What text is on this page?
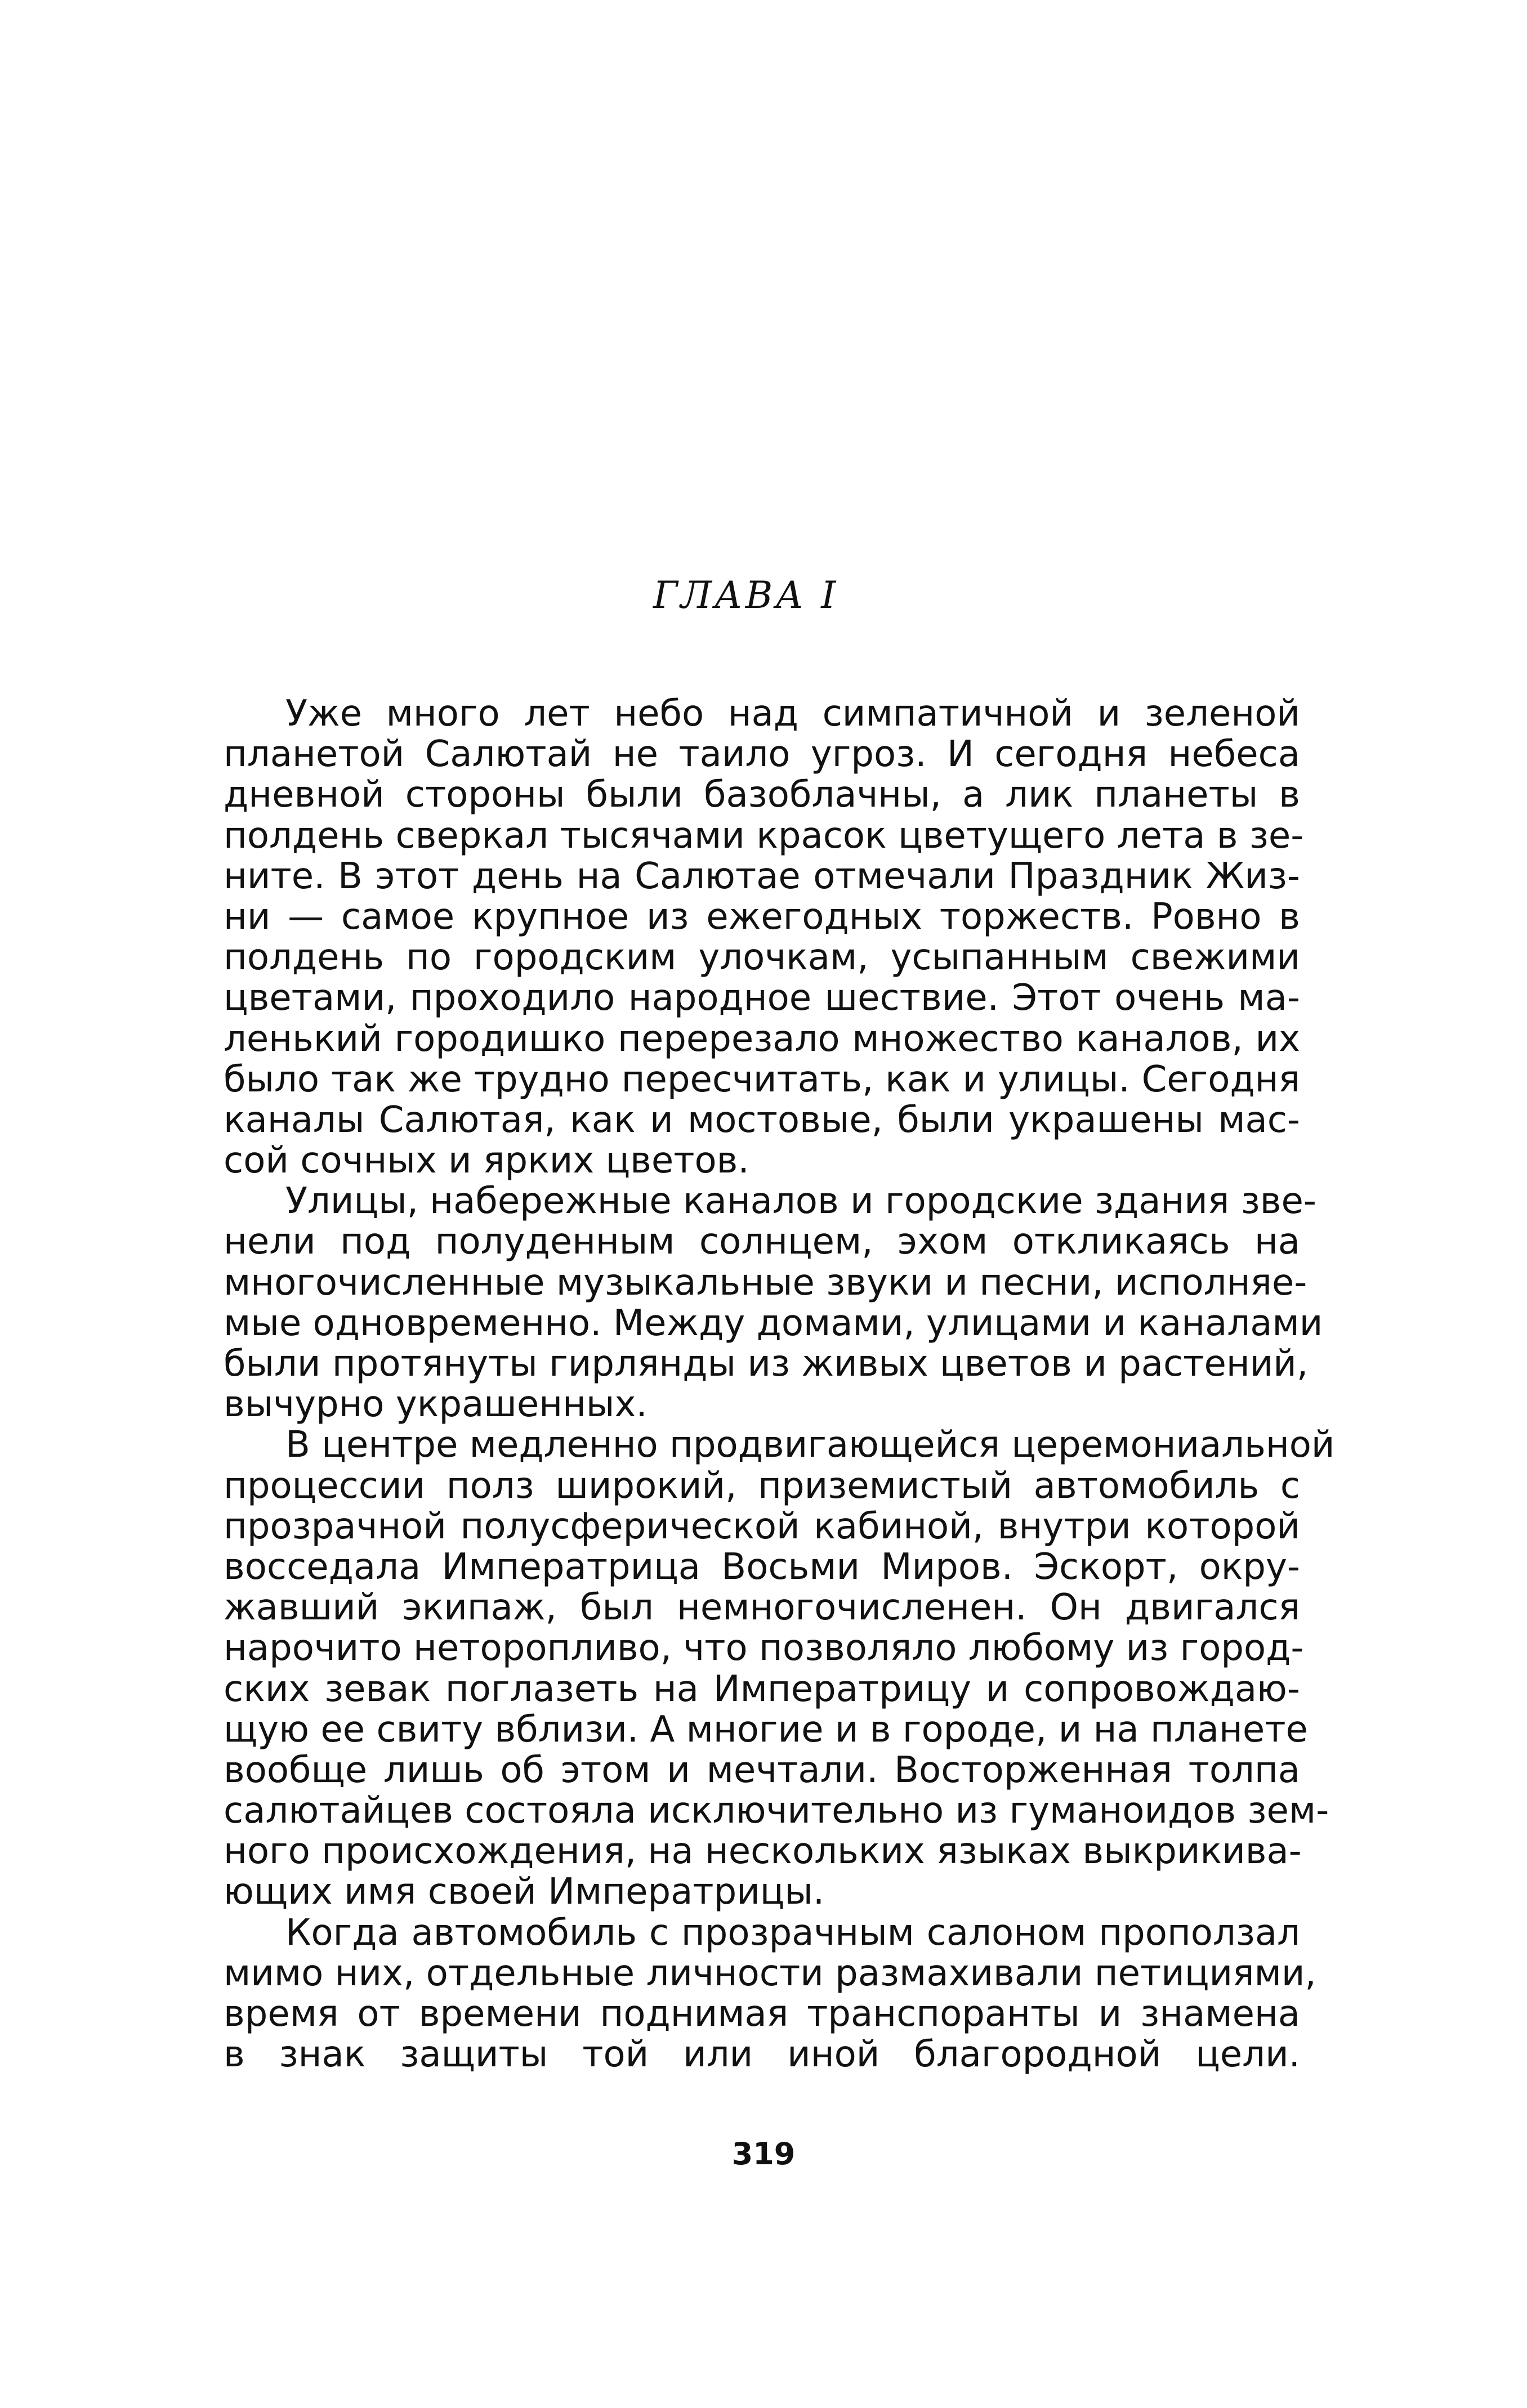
ГЛАВА I
Уже много лет небо над симпатичной и зеленой
планетой Салютай не таило угроз. И сегодня небеса
дневной стороны были базоблачны, а лик планеты в
полдень сверкал тысячами красок цветущего лета в зе-
ните. В этот день на Салютае отмечали Праздник Жиз-
ни — самое крупное из ежегодных торжеств. Ровно в
полдень по городским улочкам, усыпанным свежими
цветами, проходило народное шествие. Этот очень ма-
ленький городишко перерезало множество каналов, их
было так же трудно пересчитать, как и улицы. Сегодня
каналы Салютая, как и мостовые, были украшены мас-
сой сочных и ярких цветов.
Улицы, набережные каналов и городские здания зве-
нели под полуденным солнцем, эхом откликаясь на
многочисленные музыкальные звуки и песни, исполняе-
мые одновременно. Между домами, улицами и каналами
были протянуты гирлянды из живых цветов и растений,
вычурно украшенных.
В центре медленно продвигающейся церемониальной
процессии полз широкий, приземистый автомобиль с
прозрачной полусферической кабиной, внутри которой
восседала Императрица Восьми Миров. Эскорт, окру-
жавший экипаж, был немногочисленен. Он двигался
нарочито неторопливо, что позволяло любому из город-
ских зевак поглазеть на Императрицу и сопровождаю-
щую ее свиту вблизи. А многие и в городе, и на планете
вообще лишь об этом и мечтали. Восторженная толпа
салютайцев состояла исключительно из гуманоидов зем-
ного происхождения, на нескольких языках выкрикива-
ющих имя своей Императрицы.
Когда автомобиль с прозрачным салоном проползал
мимо них, отдельные личности размахивали петициями,
время от времени поднимая транспоранты и знамена
в знак защиты той или иной благородной цели.
319
